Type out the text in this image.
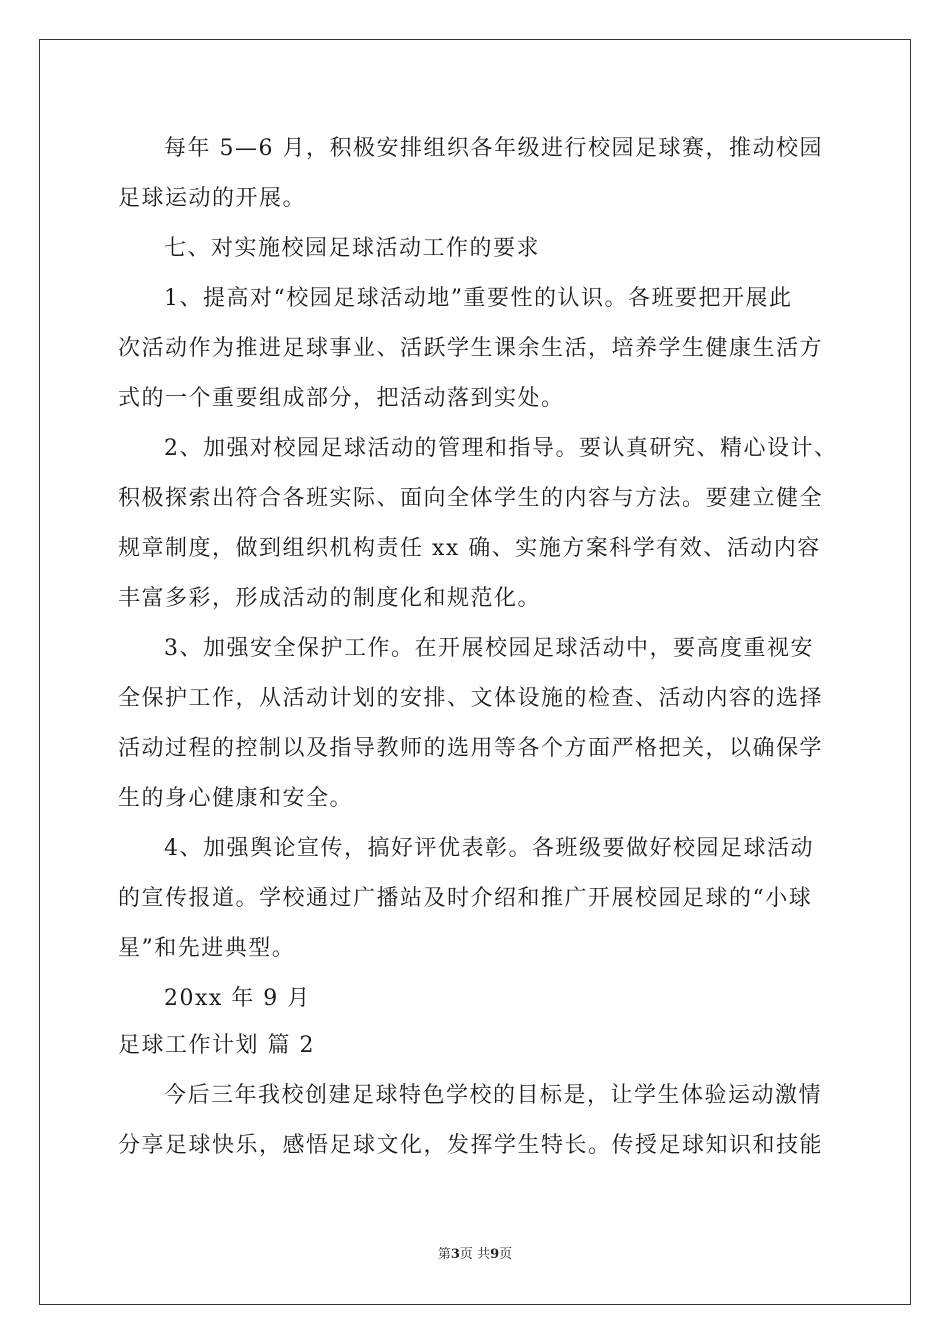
每年 5—6 月，积极安排组织各年级进行校园足球赛，推动校园
足球运动的开展。
七、对实施校园足球活动工作的要求
1、提高对“校园足球活动地”重要性的认识。各班要把开展此
次活动作为推进足球事业、活跃学生课余生活，培养学生健康生活方
式的一个重要组成部分，把活动落到实处。
2、加强对校园足球活动的管理和指导。要认真研究、精心设计、
积极探索出符合各班实际、面向全体学生的内容与方法。要建立健全
规章制度，做到组织机构责任 xx 确、实施方案科学有效、活动内容
丰富多彩，形成活动的制度化和规范化。
3、加强安全保护工作。在开展校园足球活动中，要高度重视安
全保护工作，从活动计划的安排、文体设施的检查、活动内容的选择
活动过程的控制以及指导教师的选用等各个方面严格把关，以确保学
生的身心健康和安全。
4、加强舆论宣传，搞好评优表彰。各班级要做好校园足球活动
的宣传报道。学校通过广播站及时介绍和推广开展校园足球的“小球
星”和先进典型。
20xx 年 9 月
足球工作计划 篇 2
今后三年我校创建足球特色学校的目标是，让学生体验运动激情
分享足球快乐，感悟足球文化，发挥学生特长。传授足球知识和技能
第3页 共9页
